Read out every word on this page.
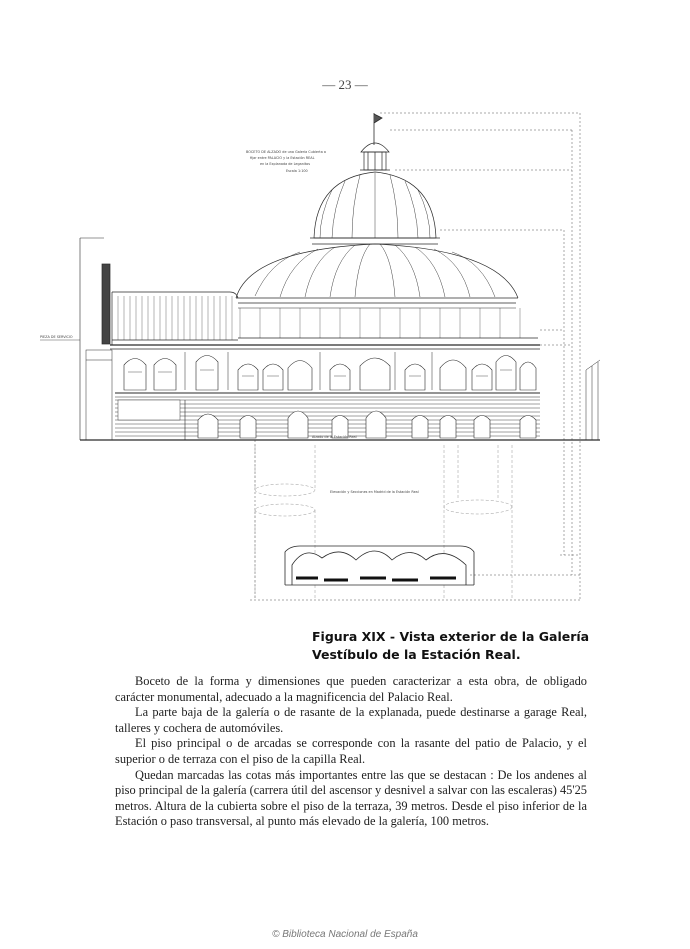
— 23 —
BOCETO DE ALZADO de una Galería Cubierta a
fijar entre PALACIO y la Estación REAL
en la Explanada de Leganitos
Escala 1:100
PIEZA DE SERVICIO
Alzado de la Estación Real
Elevación y Secciones en Madrid de la Estación Real
Figura XIX - Vista exterior de la Galería
Vestíbulo de la Estación Real.

Boceto de la forma y dimensiones que pueden caracterizar a esta obra, de obligado carácter monumental, adecuado a la magnificencia del Palacio Real.

La parte baja de la galería o de rasante de la explanada, puede destinarse a garage Real, talleres y cochera de automóviles.

El piso principal o de arcadas se corresponde con la rasante del patio de Palacio, y el superior o de terraza con el piso de la capilla Real.

Quedan marcadas las cotas más importantes entre las que se destacan : De los andenes al piso principal de la galería (carrera útil del ascensor y desnivel a salvar con las escaleras) 45'25 metros. Altura de la cubierta sobre el piso de la terraza, 39 metros. Desde el piso inferior de la Estación o paso transversal, al punto más elevado de la galería, 100 metros.

© Biblioteca Nacional de España
